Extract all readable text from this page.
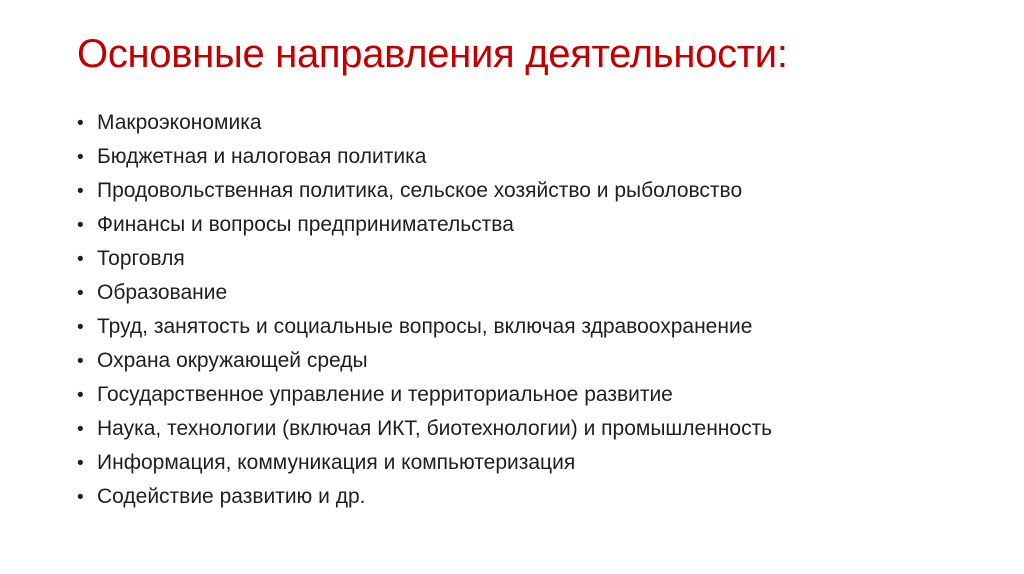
Основные направления деятельности:
• Макроэкономика
• Бюджетная и налоговая политика
• Продовольственная политика, сельское хозяйство и рыболовство
• Финансы и вопросы предпринимательства
• Торговля
• Образование
• Труд, занятость и социальные вопросы, включая здравоохранение
• Охрана окружающей среды
• Государственное управление и территориальное развитие
• Наука, технологии (включая ИКТ, биотехнологии) и промышленность
• Информация, коммуникация и компьютеризация
• Содействие развитию и др.
